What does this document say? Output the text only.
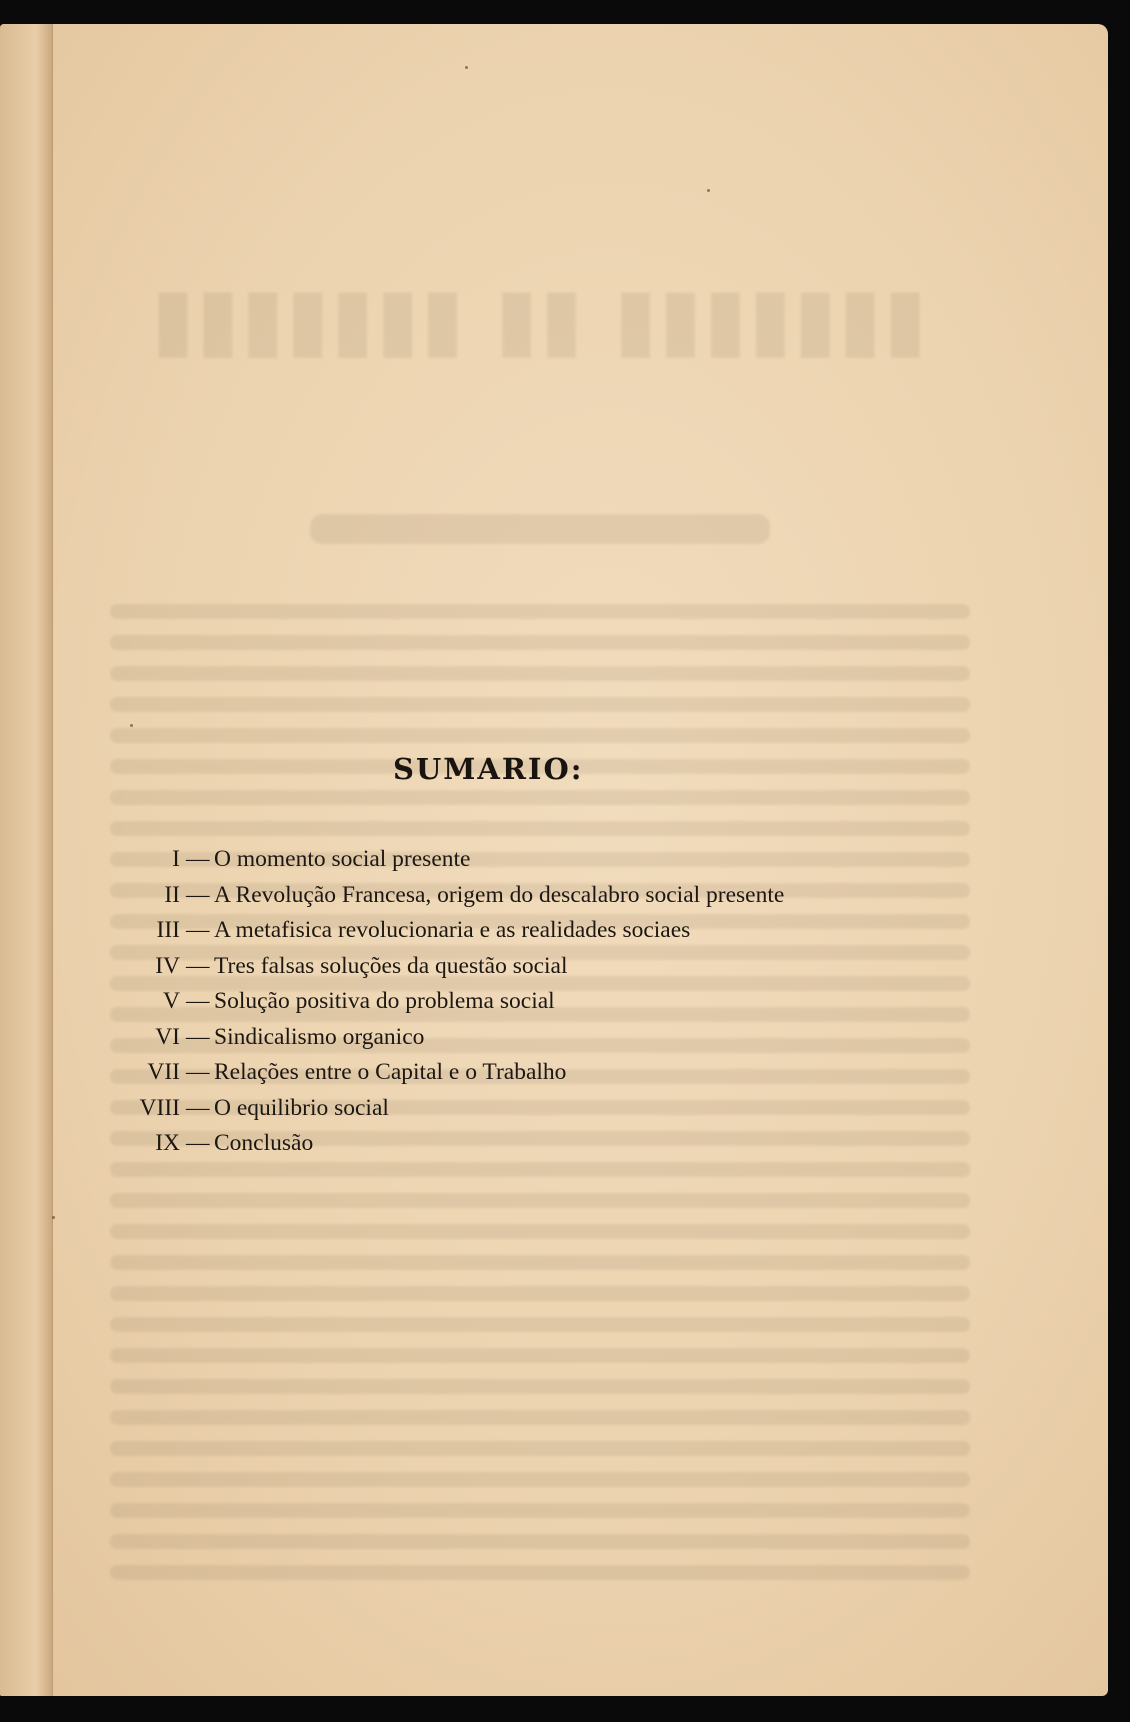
▮▮▮▮▮▮▮ ▮▮ ▮▮▮▮▮▮▮
SUMARIO:
I — O momento social presente
II — A Revolução Francesa, origem do descalabro social presente
III — A metafisica revolucionaria e as realidades sociaes
IV — Tres falsas soluções da questão social
V — Solução positiva do problema social
VI — Sindicalismo organico
VII — Relações entre o Capital e o Trabalho
VIII — O equilibrio social
IX — Conclusão
